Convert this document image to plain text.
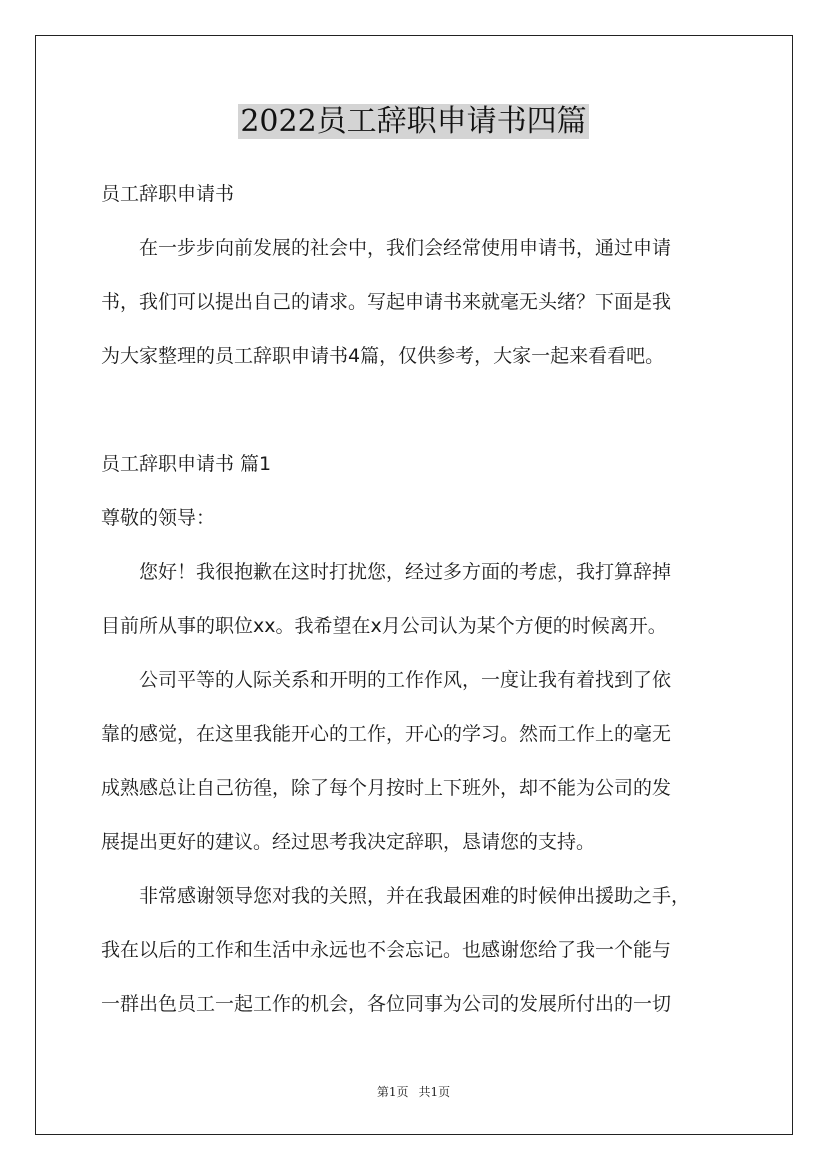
2022员工辞职申请书四篇
员工辞职申请书
　　在一步步向前发展的社会中，我们会经常使用申请书，通过申请
书，我们可以提出自己的请求。写起申请书来就毫无头绪？下面是我
为大家整理的员工辞职申请书4篇，仅供参考，大家一起来看看吧。
员工辞职申请书 篇1
尊敬的领导：
　　您好！我很抱歉在这时打扰您，经过多方面的考虑，我打算辞掉
目前所从事的职位xx。我希望在x月公司认为某个方便的时候离开。
　　公司平等的人际关系和开明的工作作风，一度让我有着找到了依
靠的感觉，在这里我能开心的工作，开心的学习。然而工作上的毫无
成熟感总让自己彷徨，除了每个月按时上下班外，却不能为公司的发
展提出更好的建议。经过思考我决定辞职，恳请您的支持。
　　非常感谢领导您对我的关照，并在我最困难的时候伸出援助之手，
我在以后的工作和生活中永远也不会忘记。也感谢您给了我一个能与
一群出色员工一起工作的机会，各位同事为公司的发展所付出的一切
第1页 共1页
